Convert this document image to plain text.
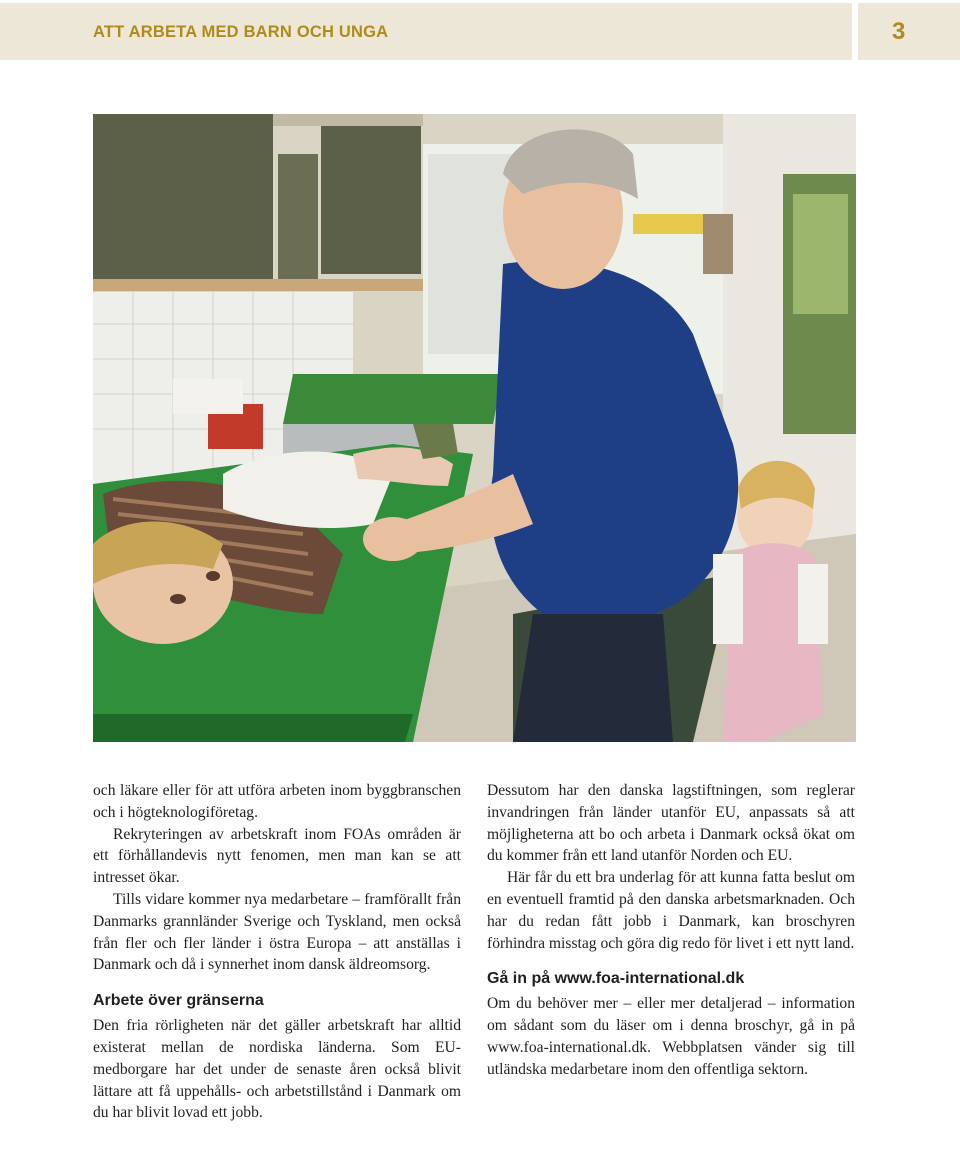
ATT ARBETA MED BARN OCH UNGA	3

och läkare eller för att utföra arbeten inom byggbranschen och i högteknologiföretag.

Rekryteringen av arbetskraft inom FOAs områden är ett förhållandevis nytt fenomen, men man kan se att intresset ökar.

Tills vidare kommer nya medarbetare – framförallt från Danmarks grannländer Sverige och Tyskland, men också från fler och fler länder i östra Europa – att anställas i Danmark och då i synnerhet inom dansk äldreomsorg.

Arbete över gränserna

Den fria rörligheten när det gäller arbetskraft har alltid existerat mellan de nordiska länderna. Som EU-medborgare har det under de senaste åren också blivit lättare att få uppehålls- och arbetstillstånd i Danmark om du har blivit lovad ett jobb.

Dessutom har den danska lagstiftningen, som reglerar invandringen från länder utanför EU, anpassats så att möjligheterna att bo och arbeta i Danmark också ökat om du kommer från ett land utanför Norden och EU.

Här får du ett bra underlag för att kunna fatta beslut om en eventuell framtid på den danska arbetsmarknaden. Och har du redan fått jobb i Danmark, kan broschyren förhindra misstag och göra dig redo för livet i ett nytt land.

Gå in på www.foa-international.dk

Om du behöver mer – eller mer detaljerad – information om sådant som du läser om i denna broschyr, gå in på www.foa-international.dk. Webbplatsen vänder sig till utländska medarbetare inom den offentliga sektorn.
